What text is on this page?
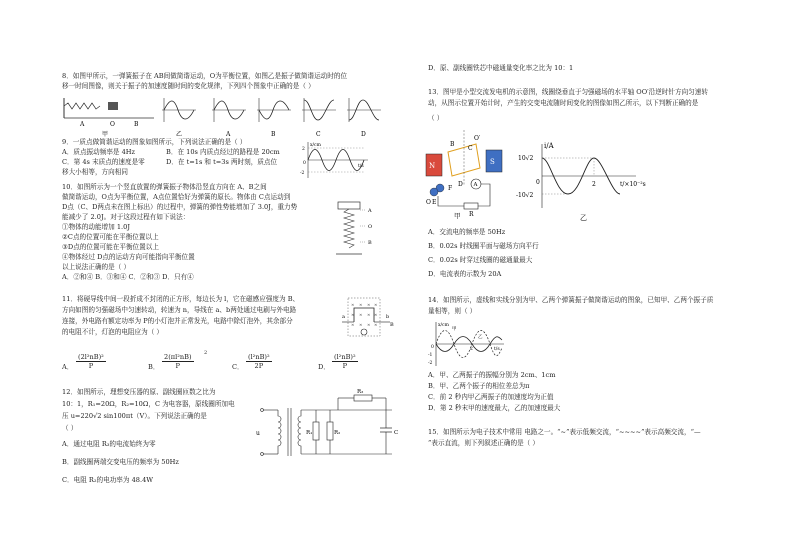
8．如图甲所示，一弹簧振子在 AB间做简谐运动，O为平衡位置，如图乙是振子做简谐运动时的位
移一时间图像，则关于振子的加速度随时间的变化规律，下列四个图象中正确的是（ ）
A	O	B
甲	乙	A	B	C	D
9．一质点做简谐运动的图象如图所示，下列说法正确的是（ ）
A．质点振动频率是 4Hz	B．在 10s 内质点经过的路程是 20cm
C．第 4s 末质点的速度是零	D．在 t=1s 和 t=3s 两时刻，质点位
移大小相等，方向相同
x/cm
2
-2
t/s
0
10．如图所示为一个竖直放置的弹簧振子物体沿竖直方向在 A、B之间
做简谐运动，O点为平衡位置，A点位置恰好为弹簧的原长。物体由 C点运动到
D点（C、D两点未在图上标出）的过程中，弹簧的弹性势能增加了 3.0J，重力势
能减少了 2.0J。对于这段过程有如下说法：
①物体的动能增加 1.0J
②C点的位置可能在平衡位置以上
③D点的位置可能在平衡位置以上
④物体经过 D点的运动方向可能指向平衡位置
以上说法正确的是（ ）
A．②和④ B．③和④ C．②和③ D．只有④
A
O
B
11．将硬导线中间一段折成不封闭的正方形，每边长为 l，它在磁感应强度为 B、
方向如图的匀强磁场中匀速转动，转速为 n，导线在 a、b两处通过电刷与外电路
连接，外电路有额定功率为 P的小灯泡并正常发光，电路中除灯泡外，其余部分
的电阻不计，灯泡的电阻应为（ ）
× × × ×
× × × ×
× × × ×
a	b
B
A． $\frac{\text{(2l²nB)²}}{P}$	B． $\frac{\text{2(πl²nB)}}{P} 2$
C． $\frac{\text{(l²nB)²}}{2P}$	D． $\frac{\text{(l²nB)²}}{P}$
12．如图所示，理想变压器的原、副线圈匝数之比为
10：1，R₁=20Ω，R₂=10Ω，C 为电容器，原线圈所加电
压 u=220√2 sin100πt（V）。下列说法正确的是
（ ）
A．通过电阻 R₃的电流始终为零
B．副线圈两端交变电压的频率为 50Hz
C．电阻 R₂的电功率为 48.4W
u	R₁	R₂
R₃
C
D．原、副线圈铁芯中磁通量变化率之比为 10：1
13．图甲是小型交流发电机的示意图，线圈绕垂直于匀强磁场的水平轴 OO′沿逆时针方向匀速转
动，从图示位置开始计时，产生的交变电流随时间变化的图像如图乙所示，以下判断正确的是
（ ）
N	S
A
O′
B
C
D
O E
F
R
甲
i/A
10√2
-10√2
t/×10⁻²s
2
0
乙
A．交流电的频率是 50Hz
B．0.02s 时线圈平面与磁场方向平行
C．0.02s 时穿过线圈的磁通量最大
D．电流表的示数为 20A
14．如图所示，虚线和实线分别为甲、乙两个弹簧振子做简谐运动的图象，已知甲、乙两个振子质
量相等，则（ ）
x/cm
甲
乙
t/s
0	2
-1
-2
A．甲、乙两振子的振幅分别为 2cm、1cm
B．甲、乙两个振子的相位差总为π
C．前 2 秒内甲乙两振子的加速度均为正值
D．第 2 秒末甲的速度最大，乙的加速度最大
15．如图所示为电子技术中常用 电路之一。“~”表示低频交流，“~~~~”表示高频交流，“—
”表示直流，则下列叙述正确的是（ ）
